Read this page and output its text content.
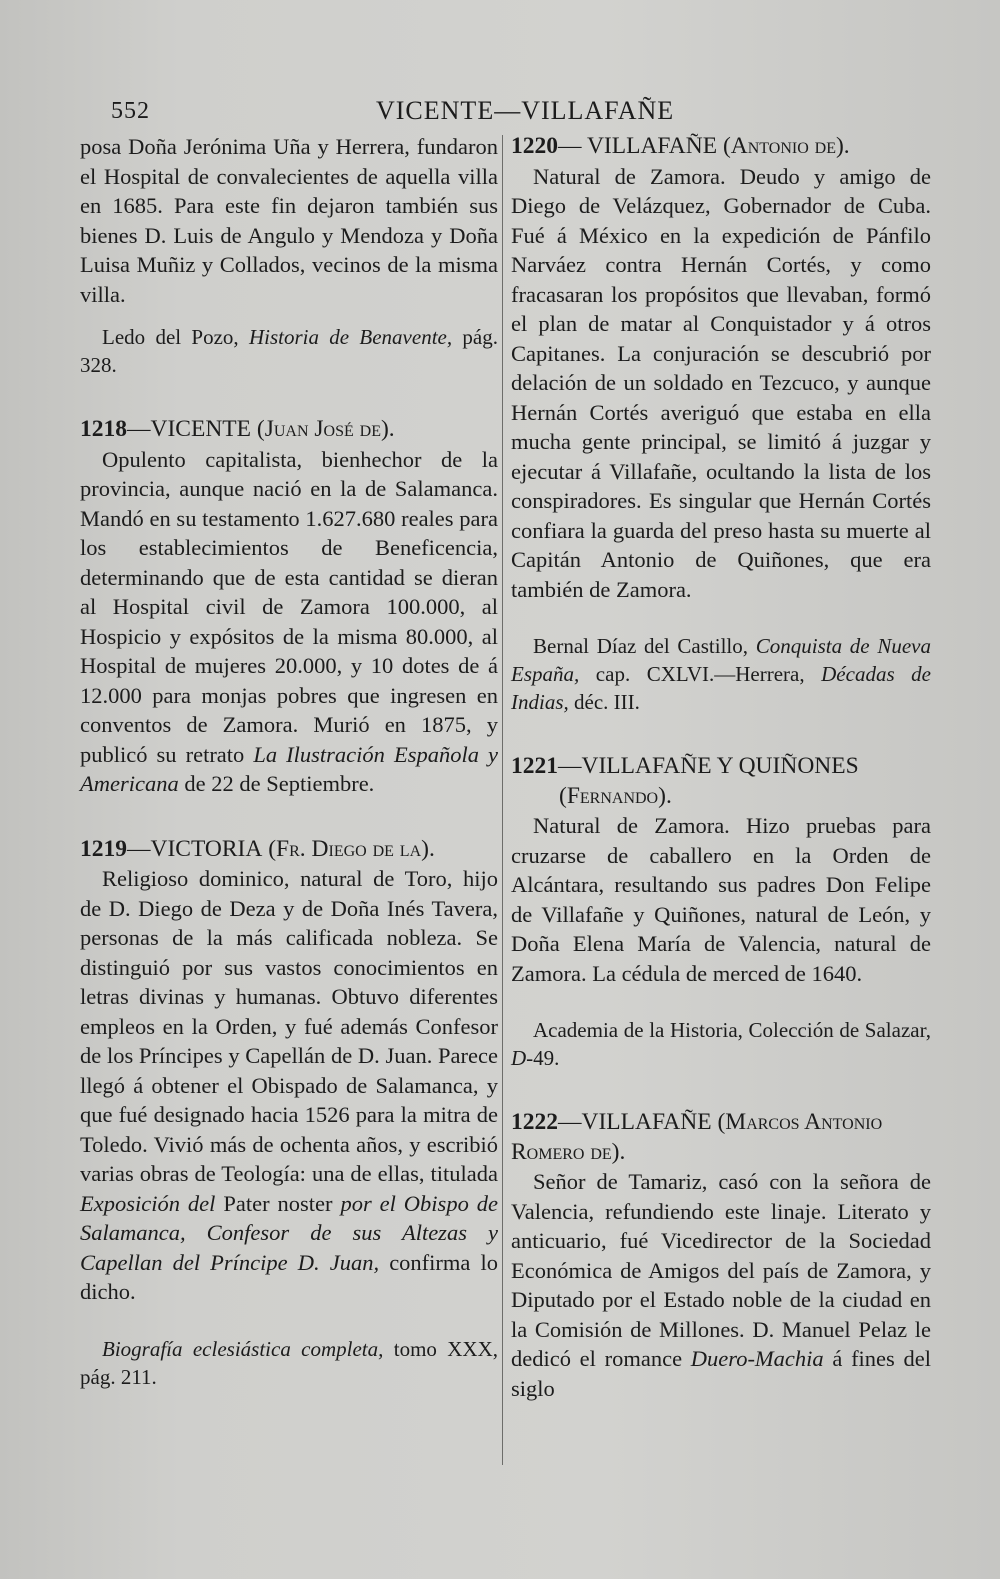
552	VICENTE—VILLAFAÑE

posa Doña Jerónima Uña y Herrera, fundaron el Hospital de convalecientes de aquella villa en 1685. Para este fin dejaron también sus bienes D. Luis de Angulo y Mendoza y Doña Luisa Muñiz y Collados, vecinos de la misma villa.

Ledo del Pozo, Historia de Benavente, pág. 328.

1218—VICENTE (Juan José de).

Opulento capitalista, bienhechor de la provincia, aunque nació en la de Salamanca. Mandó en su testamento 1.627.680 reales para los establecimientos de Beneficencia, determinando que de esta cantidad se dieran al Hospital civil de Zamora 100.000, al Hospicio y expósitos de la misma 80.000, al Hospital de mujeres 20.000, y 10 dotes de á 12.000 para monjas pobres que ingresen en conventos de Zamora. Murió en 1875, y publicó su retrato La Ilustración Española y Americana de 22 de Septiembre.

1219—VICTORIA (Fr. Diego de la).

Religioso dominico, natural de Toro, hijo de D. Diego de Deza y de Doña Inés Tavera, personas de la más calificada nobleza. Se distinguió por sus vastos conocimientos en letras divinas y humanas. Obtuvo diferentes empleos en la Orden, y fué además Confesor de los Príncipes y Capellán de D. Juan. Parece llegó á obtener el Obispado de Salamanca, y que fué designado hacia 1526 para la mitra de Toledo. Vivió más de ochenta años, y escribió varias obras de Teología: una de ellas, titulada Exposición del Pater noster por el Obispo de Salamanca, Confesor de sus Altezas y Capellan del Príncipe D. Juan, confirma lo dicho.

Biografía eclesiástica completa, tomo XXX, pág. 211.

1220— VILLAFAÑE (Antonio de).

Natural de Zamora. Deudo y amigo de Diego de Velázquez, Gobernador de Cuba. Fué á México en la expedición de Pánfilo Narváez contra Hernán Cortés, y como fracasaran los propósitos que llevaban, formó el plan de matar al Conquistador y á otros Capitanes. La conjuración se descubrió por delación de un soldado en Tezcuco, y aunque Hernán Cortés averiguó que estaba en ella mucha gente principal, se limitó á juzgar y ejecutar á Villafañe, ocultando la lista de los conspiradores. Es singular que Hernán Cortés confiara la guarda del preso hasta su muerte al Capitán Antonio de Quiñones, que era también de Zamora.

Bernal Díaz del Castillo, Conquista de Nueva España, cap. CXLVI.—Herrera, Décadas de Indias, déc. III.

1221—VILLAFAÑE Y QUIÑONES
(Fernando).

Natural de Zamora. Hizo pruebas para cruzarse de caballero en la Orden de Alcántara, resultando sus padres Don Felipe de Villafañe y Quiñones, natural de León, y Doña Elena María de Valencia, natural de Zamora. La cédula de merced de 1640.

Academia de la Historia, Colección de Salazar, D-49.

1222—VILLAFAÑE (Marcos Antonio Romero de).

Señor de Tamariz, casó con la señora de Valencia, refundiendo este linaje. Literato y anticuario, fué Vicedirector de la Sociedad Económica de Amigos del país de Zamora, y Diputado por el Estado noble de la ciudad en la Comisión de Millones. D. Manuel Pelaz le dedicó el romance Duero-Machia á fines del siglo
